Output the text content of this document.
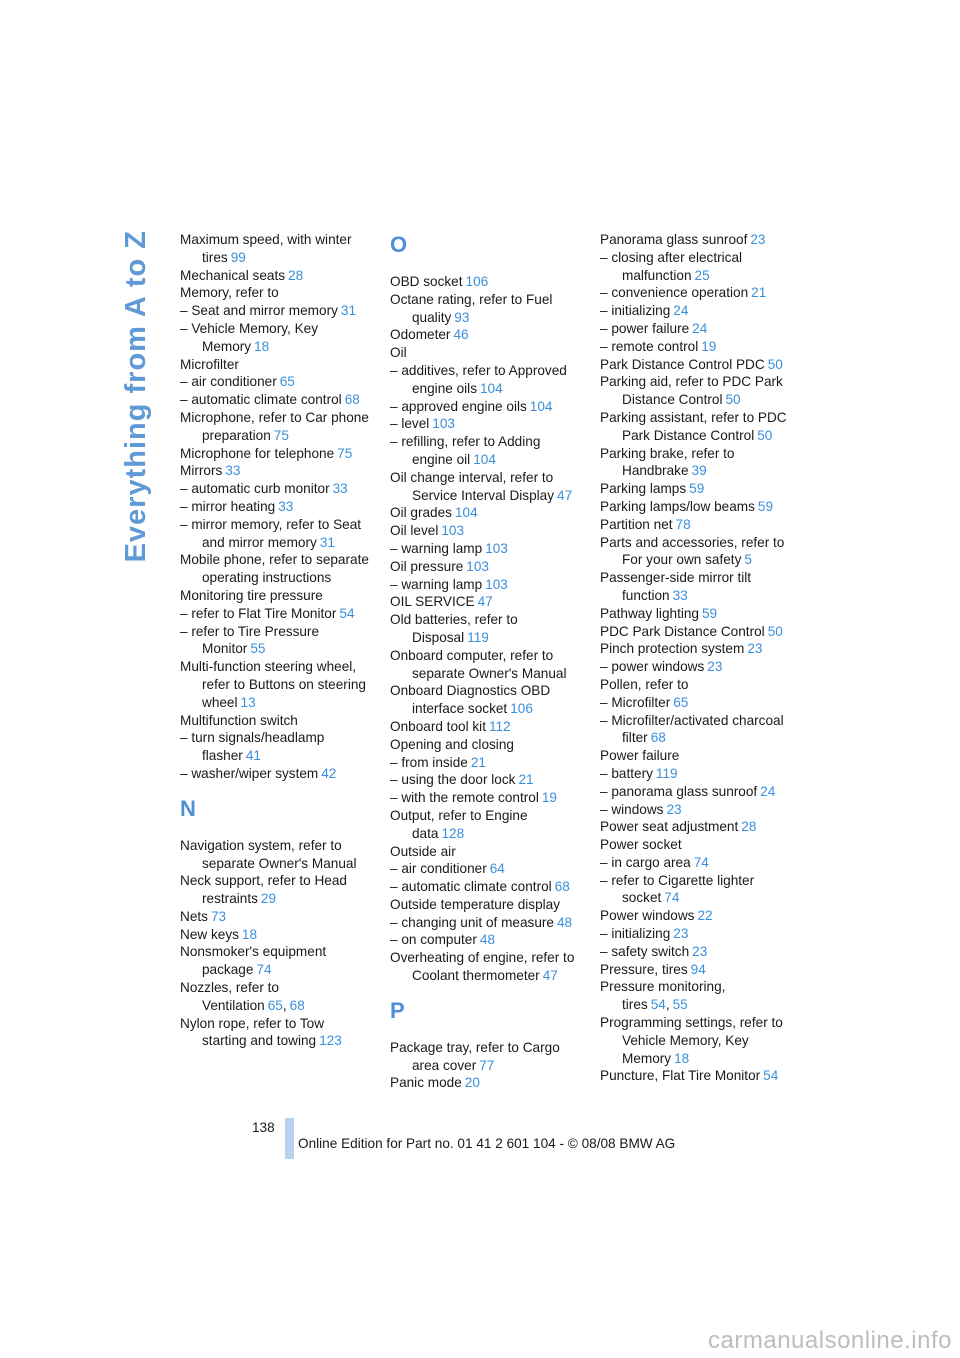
Everything from A to Z Maximum speed, with winter tires 99
Mechanical seats 28
Memory, refer to
– Seat and mirror memory 31
– Vehicle Memory, Key Memory 18
Microfilter
– air conditioner 65
– automatic climate control 68
Microphone, refer to Car phone preparation 75
Microphone for telephone 75
Mirrors 33
– automatic curb monitor 33
– mirror heating 33
– mirror memory, refer to Seat and mirror memory 31
Mobile phone, refer to separate operating instructions
Monitoring tire pressure
– refer to Flat Tire Monitor 54
– refer to Tire Pressure Monitor 55
Multi-function steering wheel, refer to Buttons on steering wheel 13
Multifunction switch
– turn signals/headlamp flasher 41
– washer/wiper system 42
N
Navigation system, refer to separate Owner's Manual
Neck support, refer to Head restraints 29
Nets 73
New keys 18
Nonsmoker's equipment package 74
Nozzles, refer to Ventilation 65, 68
Nylon rope, refer to Tow starting and towing 123
O
OBD socket 106
Octane rating, refer to Fuel quality 93
Odometer 46
Oil
– additives, refer to Approved engine oils 104
– approved engine oils 104
– level 103
– refilling, refer to Adding engine oil 104
Oil change interval, refer to Service Interval Display 47
Oil grades 104
Oil level 103
– warning lamp 103
Oil pressure 103
– warning lamp 103
OIL SERVICE 47
Old batteries, refer to Disposal 119
Onboard computer, refer to separate Owner's Manual
Onboard Diagnostics OBD interface socket 106
Onboard tool kit 112
Opening and closing
– from inside 21
– using the door lock 21
– with the remote control 19
Output, refer to Engine data 128
Outside air
– air conditioner 64
– automatic climate control 68
Outside temperature display
– changing unit of measure 48
– on computer 48
Overheating of engine, refer to Coolant thermometer 47
P
Package tray, refer to Cargo area cover 77
Panic mode 20
Panorama glass sunroof 23
– closing after electrical malfunction 25
– convenience operation 21
– initializing 24
– power failure 24
– remote control 19
Park Distance Control PDC 50
Parking aid, refer to PDC Park Distance Control 50
Parking assistant, refer to PDC Park Distance Control 50
Parking brake, refer to Handbrake 39
Parking lamps 59
Parking lamps/low beams 59
Partition net 78
Parts and accessories, refer to For your own safety 5
Passenger-side mirror tilt function 33
Pathway lighting 59
PDC Park Distance Control 50
Pinch protection system 23
– power windows 23
Pollen, refer to
– Microfilter 65
– Microfilter/activated charcoal filter 68
Power failure
– battery 119
– panorama glass sunroof 24
– windows 23
Power seat adjustment 28
Power socket
– in cargo area 74
– refer to Cigarette lighter socket 74
Power windows 22
– initializing 23
– safety switch 23
Pressure, tires 94
Pressure monitoring, tires 54, 55
Programming settings, refer to Vehicle Memory, Key Memory 18
Puncture, Flat Tire Monitor 54
138
Online Edition for Part no. 01 41 2 601 104 - © 08/08 BMW AG
carmanualsonline.info
